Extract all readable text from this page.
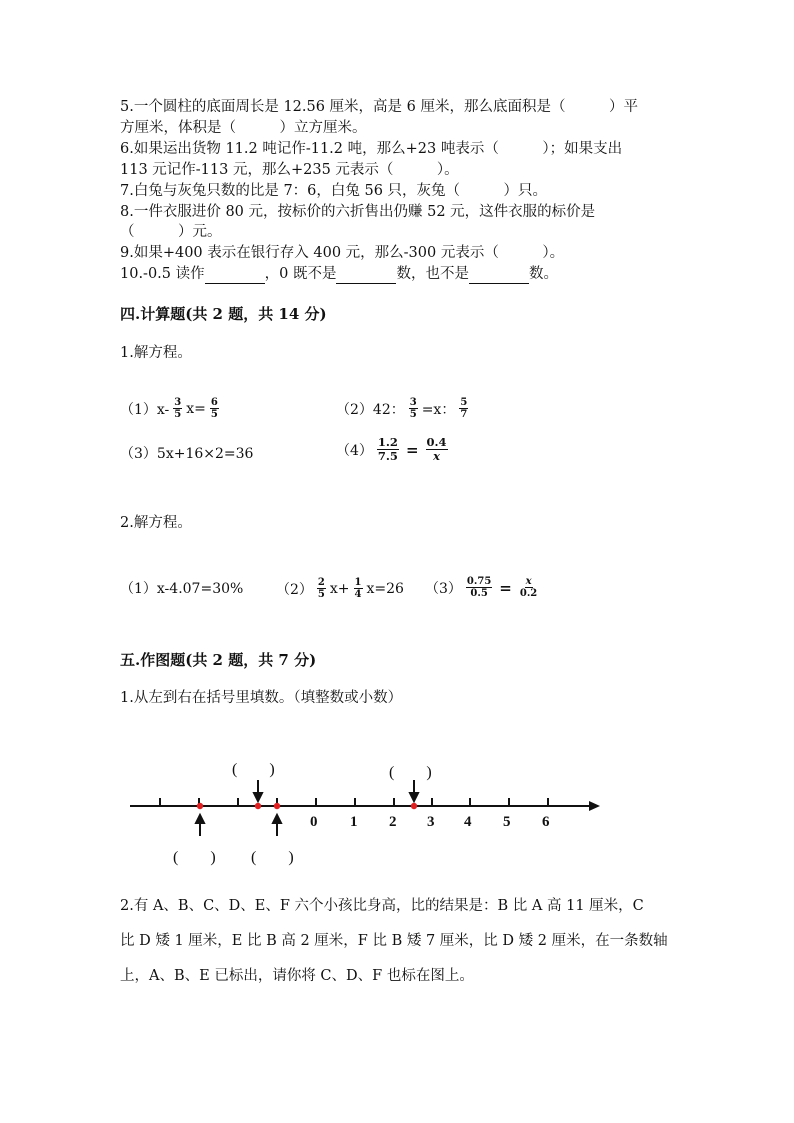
5.一个圆柱的底面周长是 12.56 厘米，高是 6 厘米，那么底面积是（　　　）平
方厘米，体积是（　　　）立方厘米。
6.如果运出货物 11.2 吨记作-11.2 吨，那么+23 吨表示（　　　）；如果支出
113 元记作-113 元，那么+235 元表示（　　　）。
7.白兔与灰兔只数的比是 7：6，白兔 56 只，灰兔（　　　）只。
8.一件衣服进价 80 元，按标价的六折售出仍赚 52 元，这件衣服的标价是
（　　　）元。
9.如果+400 表示在银行存入 400 元，那么-300 元表示（　　　）。
10.-0.5 读作	，0 既不是	数，也不是	数。
四.计算题(共 2 题，共 14 分)
1.解方程。
$(1)x- \frac{3}{5} x= \frac{6}{5}$	（2）42： $\frac{3}{5} =x$： $\frac{5}{7}$
（3）5x+16×2=36	$(4) \frac{1.2}{7.5} = \frac{0.4}{x}$
2.解方程。
（1）x-4.07=30% $(2) \frac{2}{5} x+ \frac{1}{4} x=26$ $(3) \frac{0.75}{0.5} = \frac{x}{0.2}$
五.作图题(共 2 题，共 7 分)
1.从左到右在括号里填数。（填整数或小数）
0 1 2 3 4 5 6
(　　)	(　　)
(　　) (　　)
2.有 A、B、C、D、E、F 六个小孩比身高，比的结果是：B 比 A 高 11 厘米，C
比 D 矮 1 厘米，E 比 B 高 2 厘米，F 比 B 矮 7 厘米，比 D 矮 2 厘米，在一条数轴
上，A、B、E 已标出，请你将 C、D、F 也标在图上。
